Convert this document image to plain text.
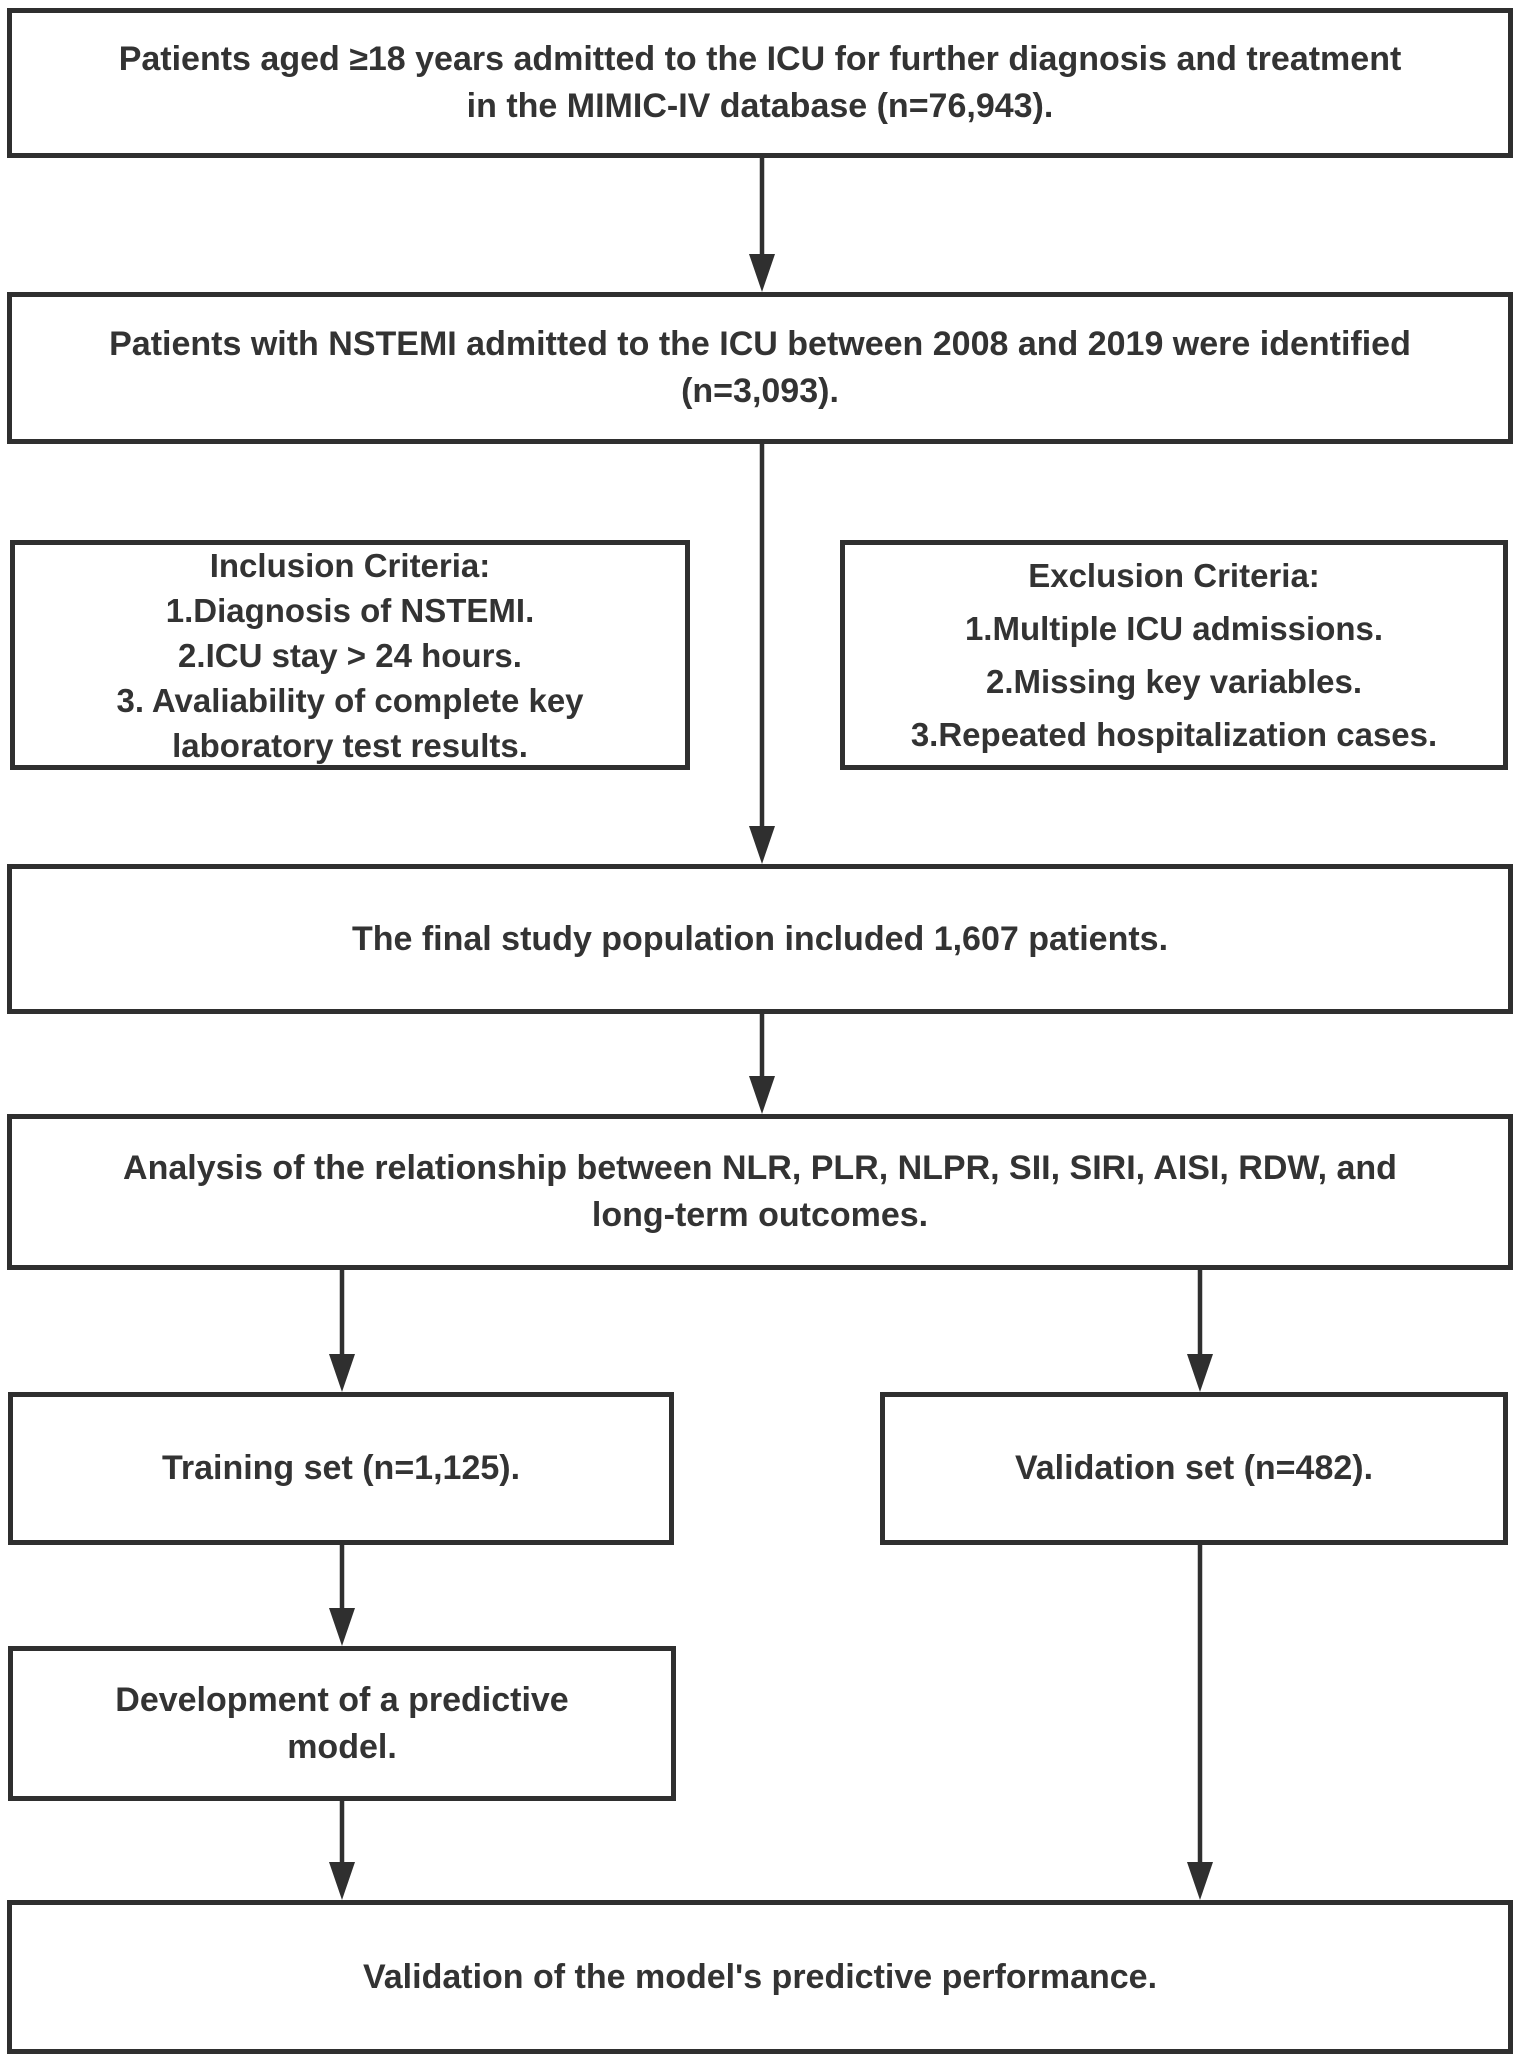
Patients aged ≥18 years admitted to the ICU for further diagnosis and treatment
in the MIMIC-IV database (n=76,943).
Patients with NSTEMI admitted to the ICU between 2008 and 2019 were identified
(n=3,093).
Inclusion Criteria:
1.Diagnosis of NSTEMI.
2.ICU stay > 24 hours.
3. Avaliability of complete key
laboratory test results.
Exclusion Criteria:
1.Multiple ICU admissions.
2.Missing key variables.
3.Repeated hospitalization cases.
The final study population included 1,607 patients.
Analysis of the relationship between NLR, PLR, NLPR, SII, SIRI, AISI, RDW, and
long-term outcomes.
Training set (n=1,125).	Validation set (n=482).
Development of a predictive
model.
Validation of the model's predictive performance.
